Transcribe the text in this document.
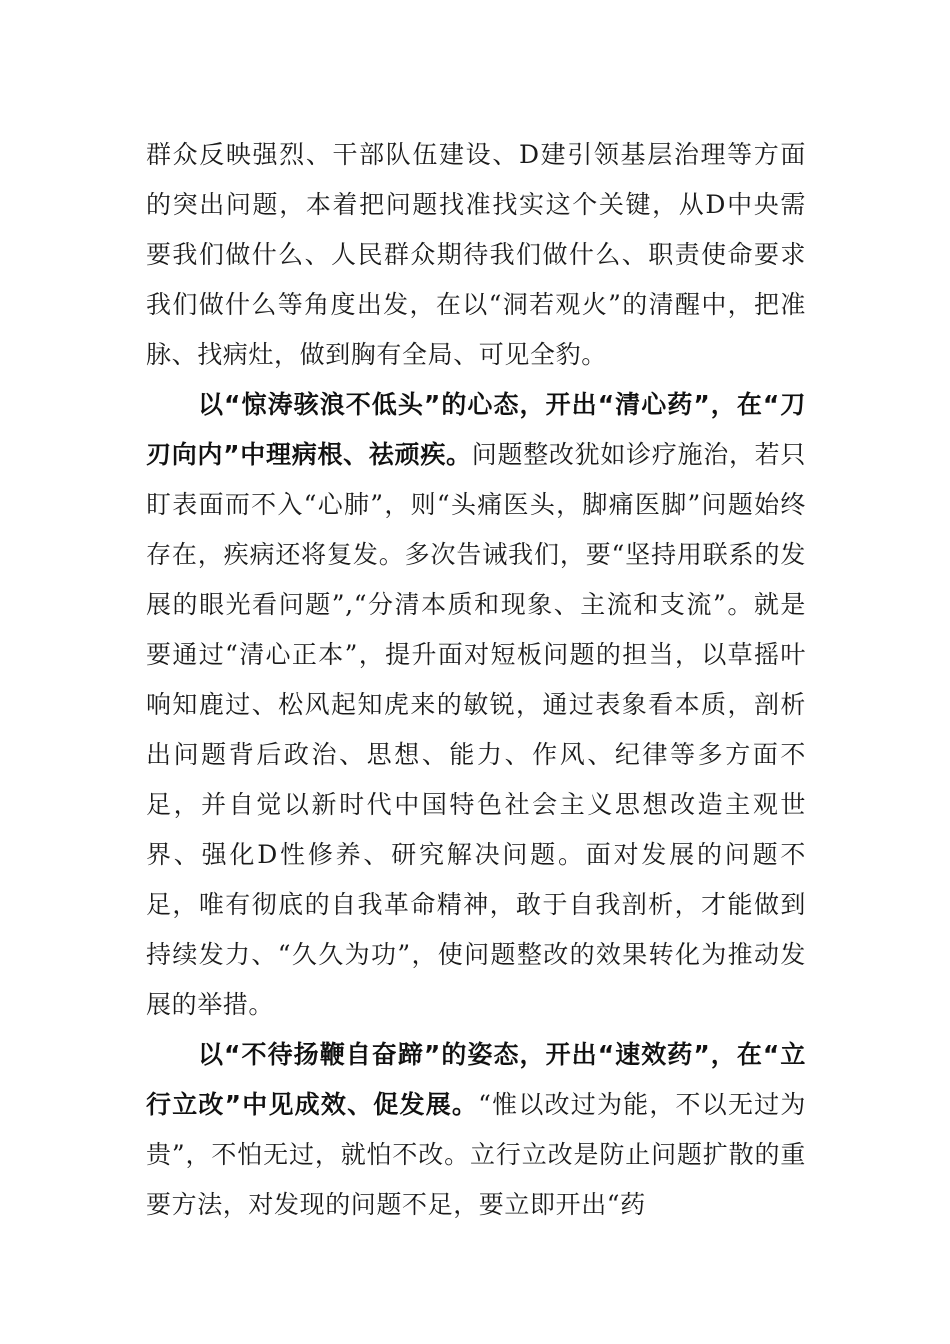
群众反映强烈、干部队伍建设、D建引领基层治理等方面的突出问题，本着把问题找准找实这个关键，从D中央需要我们做什么、人民群众期待我们做什么、职责使命要求我们做什么等角度出发，在以“洞若观火”的清醒中，把准脉、找病灶，做到胸有全局、可见全豹。

以“惊涛骇浪不低头”的心态，开出“清心药”，在“刀刃向内”中理病根、祛顽疾。问题整改犹如诊疗施治，若只盯表面而不入“心肺”，则“头痛医头，脚痛医脚”问题始终存在，疾病还将复发。多次告诫我们，要“坚持用联系的发展的眼光看问题”,“分清本质和现象、主流和支流”。就是要通过“清心正本”，提升面对短板问题的担当，以草摇叶响知鹿过、松风起知虎来的敏锐，通过表象看本质，剖析出问题背后政治、思想、能力、作风、纪律等多方面不足，并自觉以新时代中国特色社会主义思想改造主观世界、强化D性修养、研究解决问题。面对发展的问题不足，唯有彻底的自我革命精神，敢于自我剖析，才能做到持续发力、“久久为功”，使问题整改的效果转化为推动发展的举措。

以“不待扬鞭自奋蹄”的姿态，开出“速效药”，在“立行立改”中见成效、促发展。“惟以改过为能，不以无过为贵”，不怕无过，就怕不改。立行立改是防止问题扩散的重要方法，对发现的问题不足，要立即开出“药
